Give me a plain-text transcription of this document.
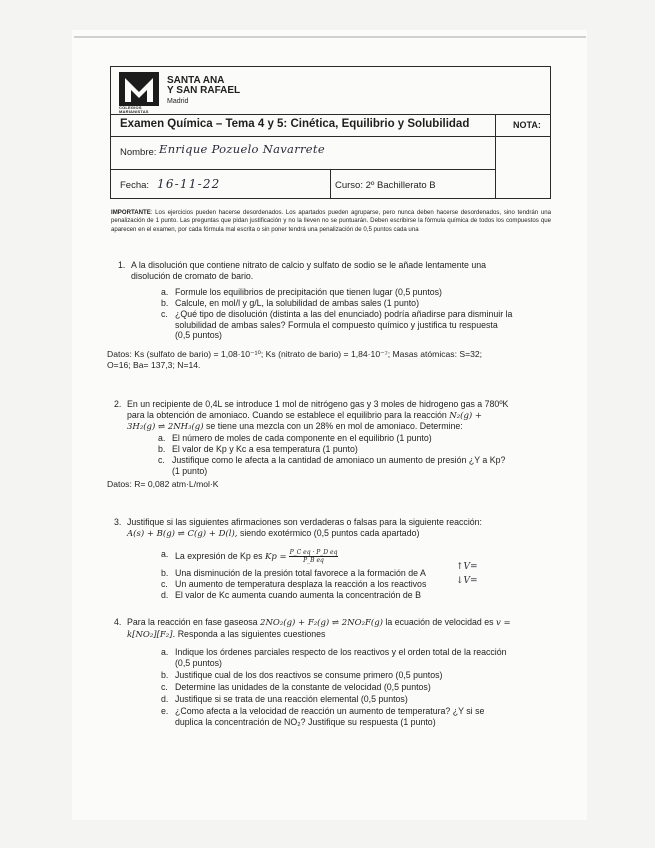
COLEGIOS
MARIANISTAS
SANTA ANA
Y SAN RAFAEL
Madrid
Examen Química – Tema 4 y 5: Cinética, Equilibrio y Solubilidad	NOTA:
Nombre: Enrique Pozuelo Navarrete
Fecha: 16-11-22	Curso: 2º Bachillerato B
IMPORTANTE: Los ejercicios pueden hacerse desordenados. Los apartados pueden agruparse, pero nunca deben hacerse desordenados, sino tendrán una penalización de 1 punto. Las preguntas que pidan justificación y no la lleven no se puntuarán. Deben escribirse la fórmula química de todos los compuestos que aparecen en el examen, por cada fórmula mal escrita o sin poner tendrá una penalización de 0,5 puntos cada una
1. A la disolución que contiene nitrato de calcio y sulfato de sodio se le añade lentamente una
disolución de cromato de bario.
a. Formule los equilibrios de precipitación que tienen lugar (0,5 puntos)
b. Calcule, en mol/l y g/L, la solubilidad de ambas sales (1 punto)
c. ¿Qué tipo de disolución (distinta a las del enunciado) podría añadirse para disminuir la
solubilidad de ambas sales? Formula el compuesto químico y justifica tu respuesta
(0,5 puntos)
Datos: Ks (sulfato de bario) = 1,08·10⁻¹⁰; Ks (nitrato de bario) = 1,84·10⁻⁷; Masas atómicas: S=32;
O=16; Ba= 137,3; N=14.
2. En un recipiente de 0,4L se introduce 1 mol de nitrógeno gas y 3 moles de hidrogeno gas a 780ºK
para la obtención de amoniaco. Cuando se establece el equilibrio para la reacción N₂(g) +
3H₂(g) ⇌ 2NH₃(g) se tiene una mezcla con un 28% en mol de amoniaco. Determine:
a. El número de moles de cada componente en el equilibrio (1 punto)
b. El valor de Kp y Kc a esa temperatura (1 punto)
c. Justifique como le afecta a la cantidad de amoniaco un aumento de presión ¿Y a Kp?
(1 punto)
Datos: R= 0,082 atm·L/mol·K
3. Justifique si las siguientes afirmaciones son verdaderas o falsas para la siguiente reacción:
A(s) + B(g) ⇌ C(g) + D(l), siendo exotérmico (0,5 puntos cada apartado)
a. La expresión de Kp es $Kp = \frac{\text{P\_C eq · P\_D eq}}{\text{P\_B eq}}$
b. Una disminución de la presión total favorece a la formación de A
c. Un aumento de temperatura desplaza la reacción a los reactivos
d. El valor de Kc aumenta cuando aumenta la concentración de B
↑V=
↓V=
4. Para la reacción en fase gaseosa 2NO₂(g) + F₂(g) ⇌ 2NO₂F(g) la ecuación de velocidad es v =
k[NO₂][F₂]. Responda a las siguientes cuestiones
a. Indique los órdenes parciales respecto de los reactivos y el orden total de la reacción
(0,5 puntos)
b. Justifique cual de los dos reactivos se consume primero (0,5 puntos)
c. Determine las unidades de la constante de velocidad (0,5 puntos)
d. Justifique si se trata de una reacción elemental (0,5 puntos)
e. ¿Como afecta a la velocidad de reacción un aumento de temperatura? ¿Y si se
duplica la concentración de NO₂? Justifique su respuesta (1 punto)
